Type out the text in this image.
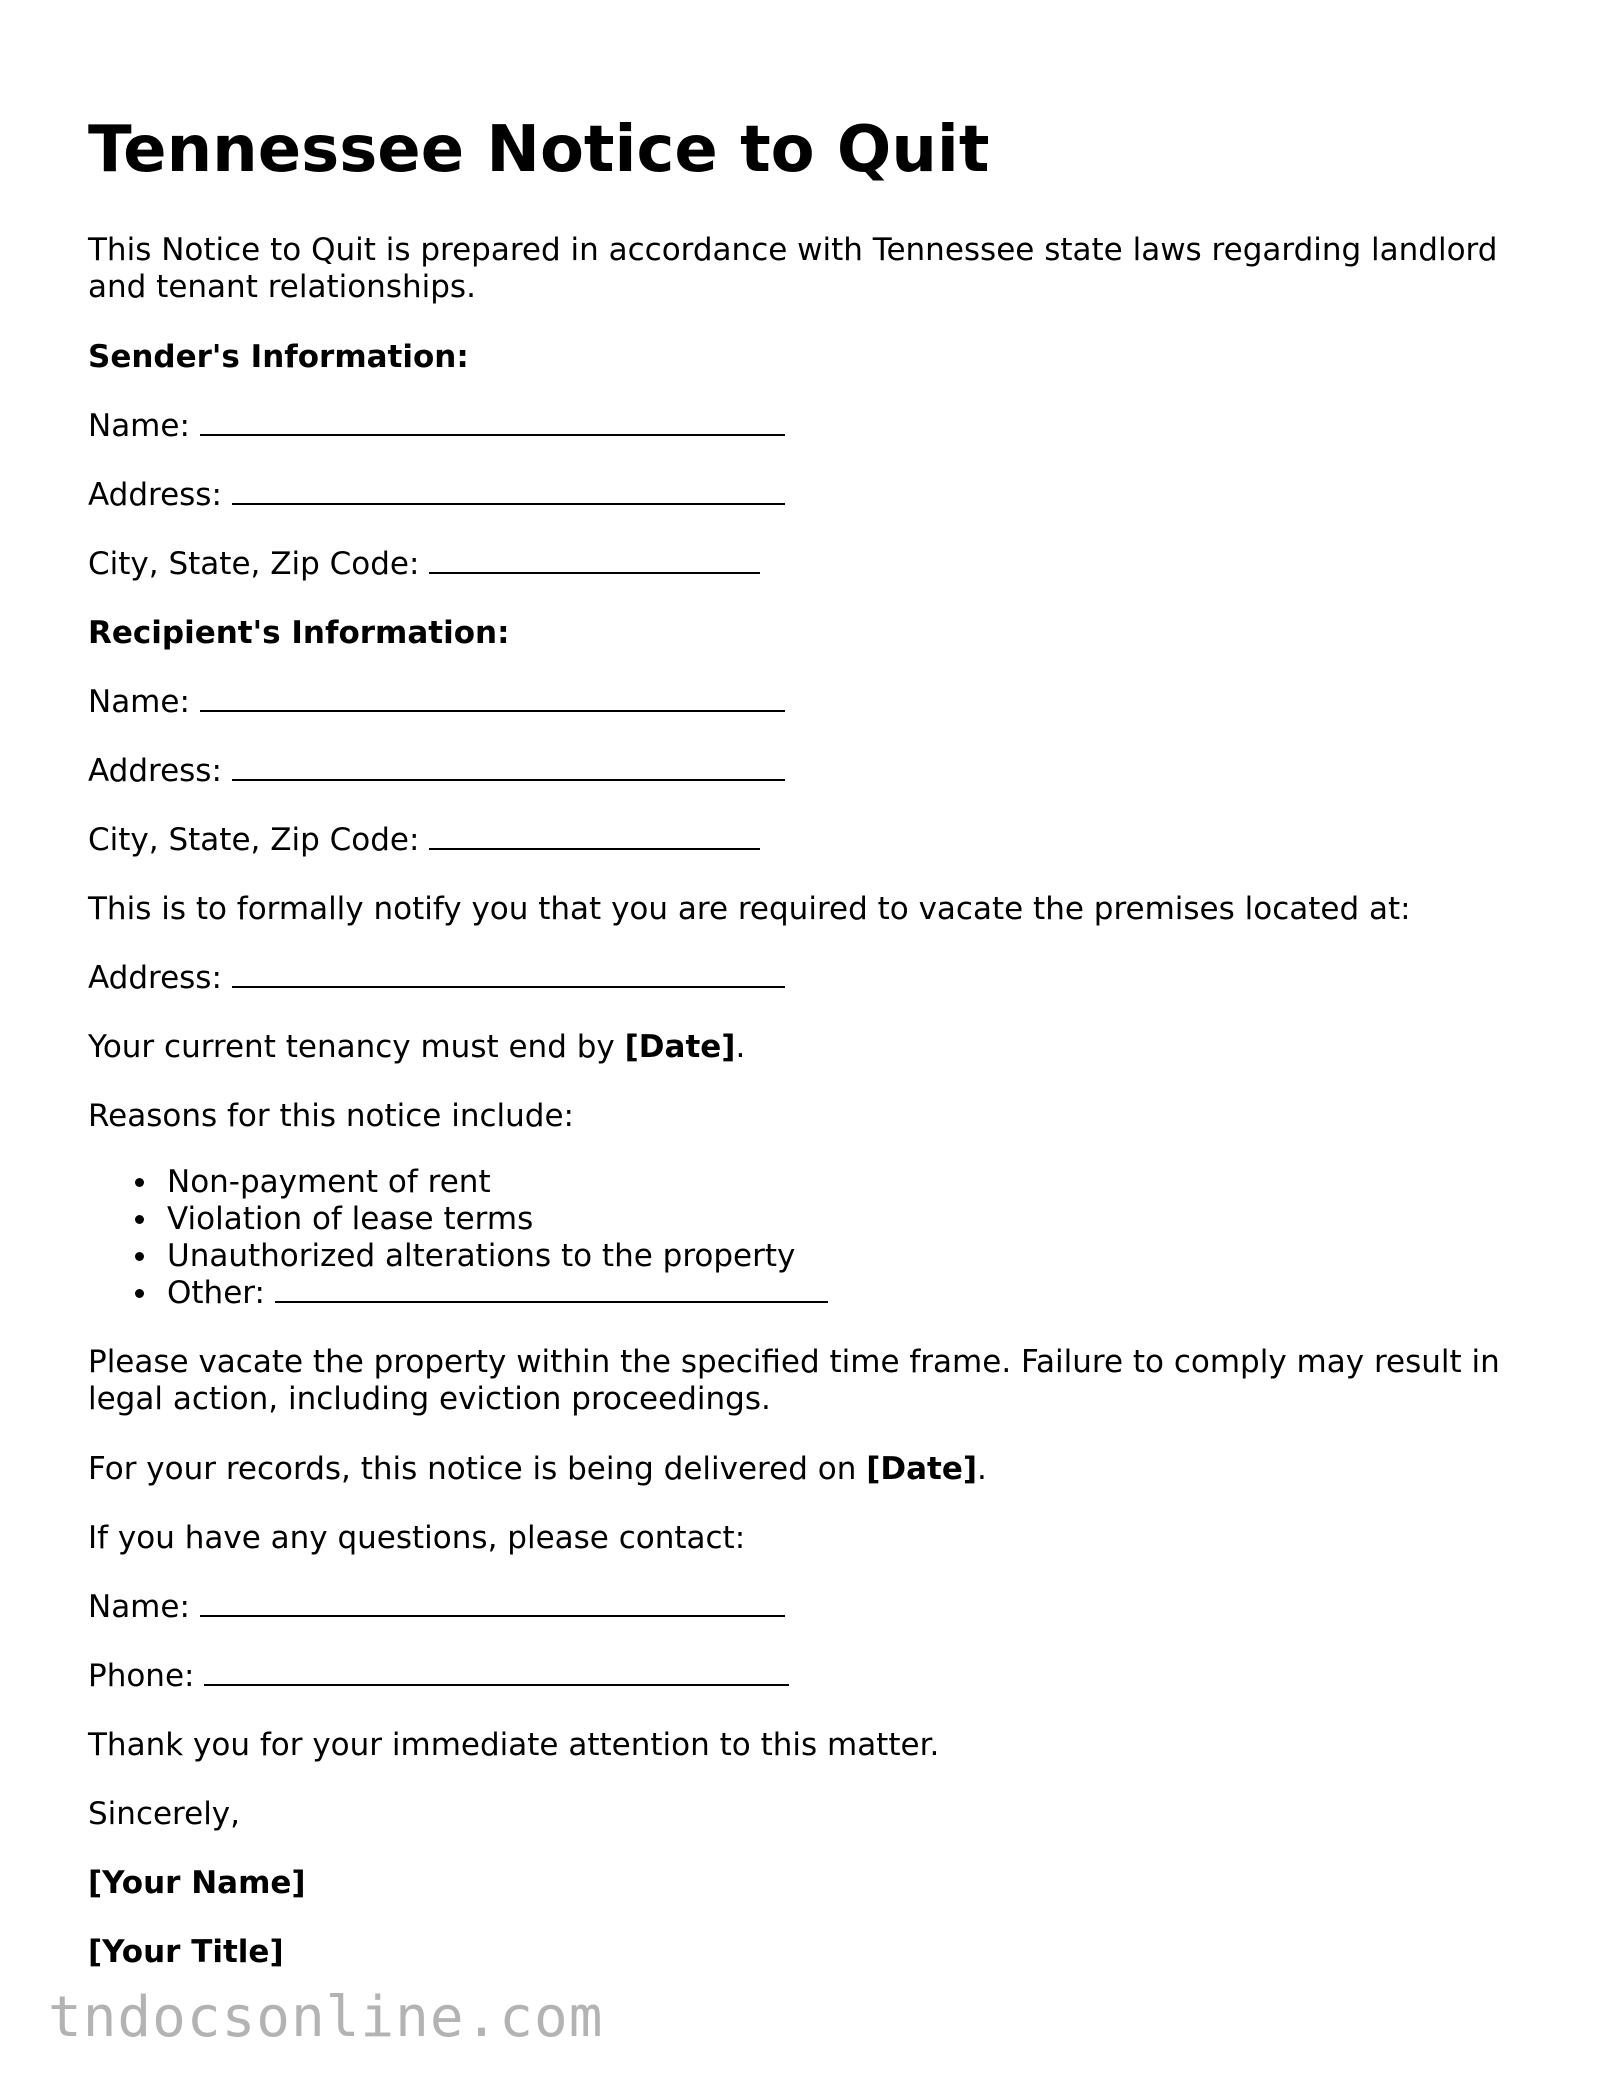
Tennessee Notice to Quit

This Notice to Quit is prepared in accordance with Tennessee state laws regarding landlord and tenant relationships.

Sender's Information:

Name:

Address:

City, State, Zip Code:

Recipient's Information:

Name:

Address:

City, State, Zip Code:

This is to formally notify you that you are required to vacate the premises located at:

Address:

Your current tenancy must end by [Date].

Reasons for this notice include:

Non-payment of rent
Violation of lease terms
Unauthorized alterations to the property
Other:

Please vacate the property within the specified time frame. Failure to comply may result in legal action, including eviction proceedings.

For your records, this notice is being delivered on [Date].

If you have any questions, please contact:

Name:

Phone:

Thank you for your immediate attention to this matter.

Sincerely,

[Your Name]

[Your Title]

tndocsonline.com
